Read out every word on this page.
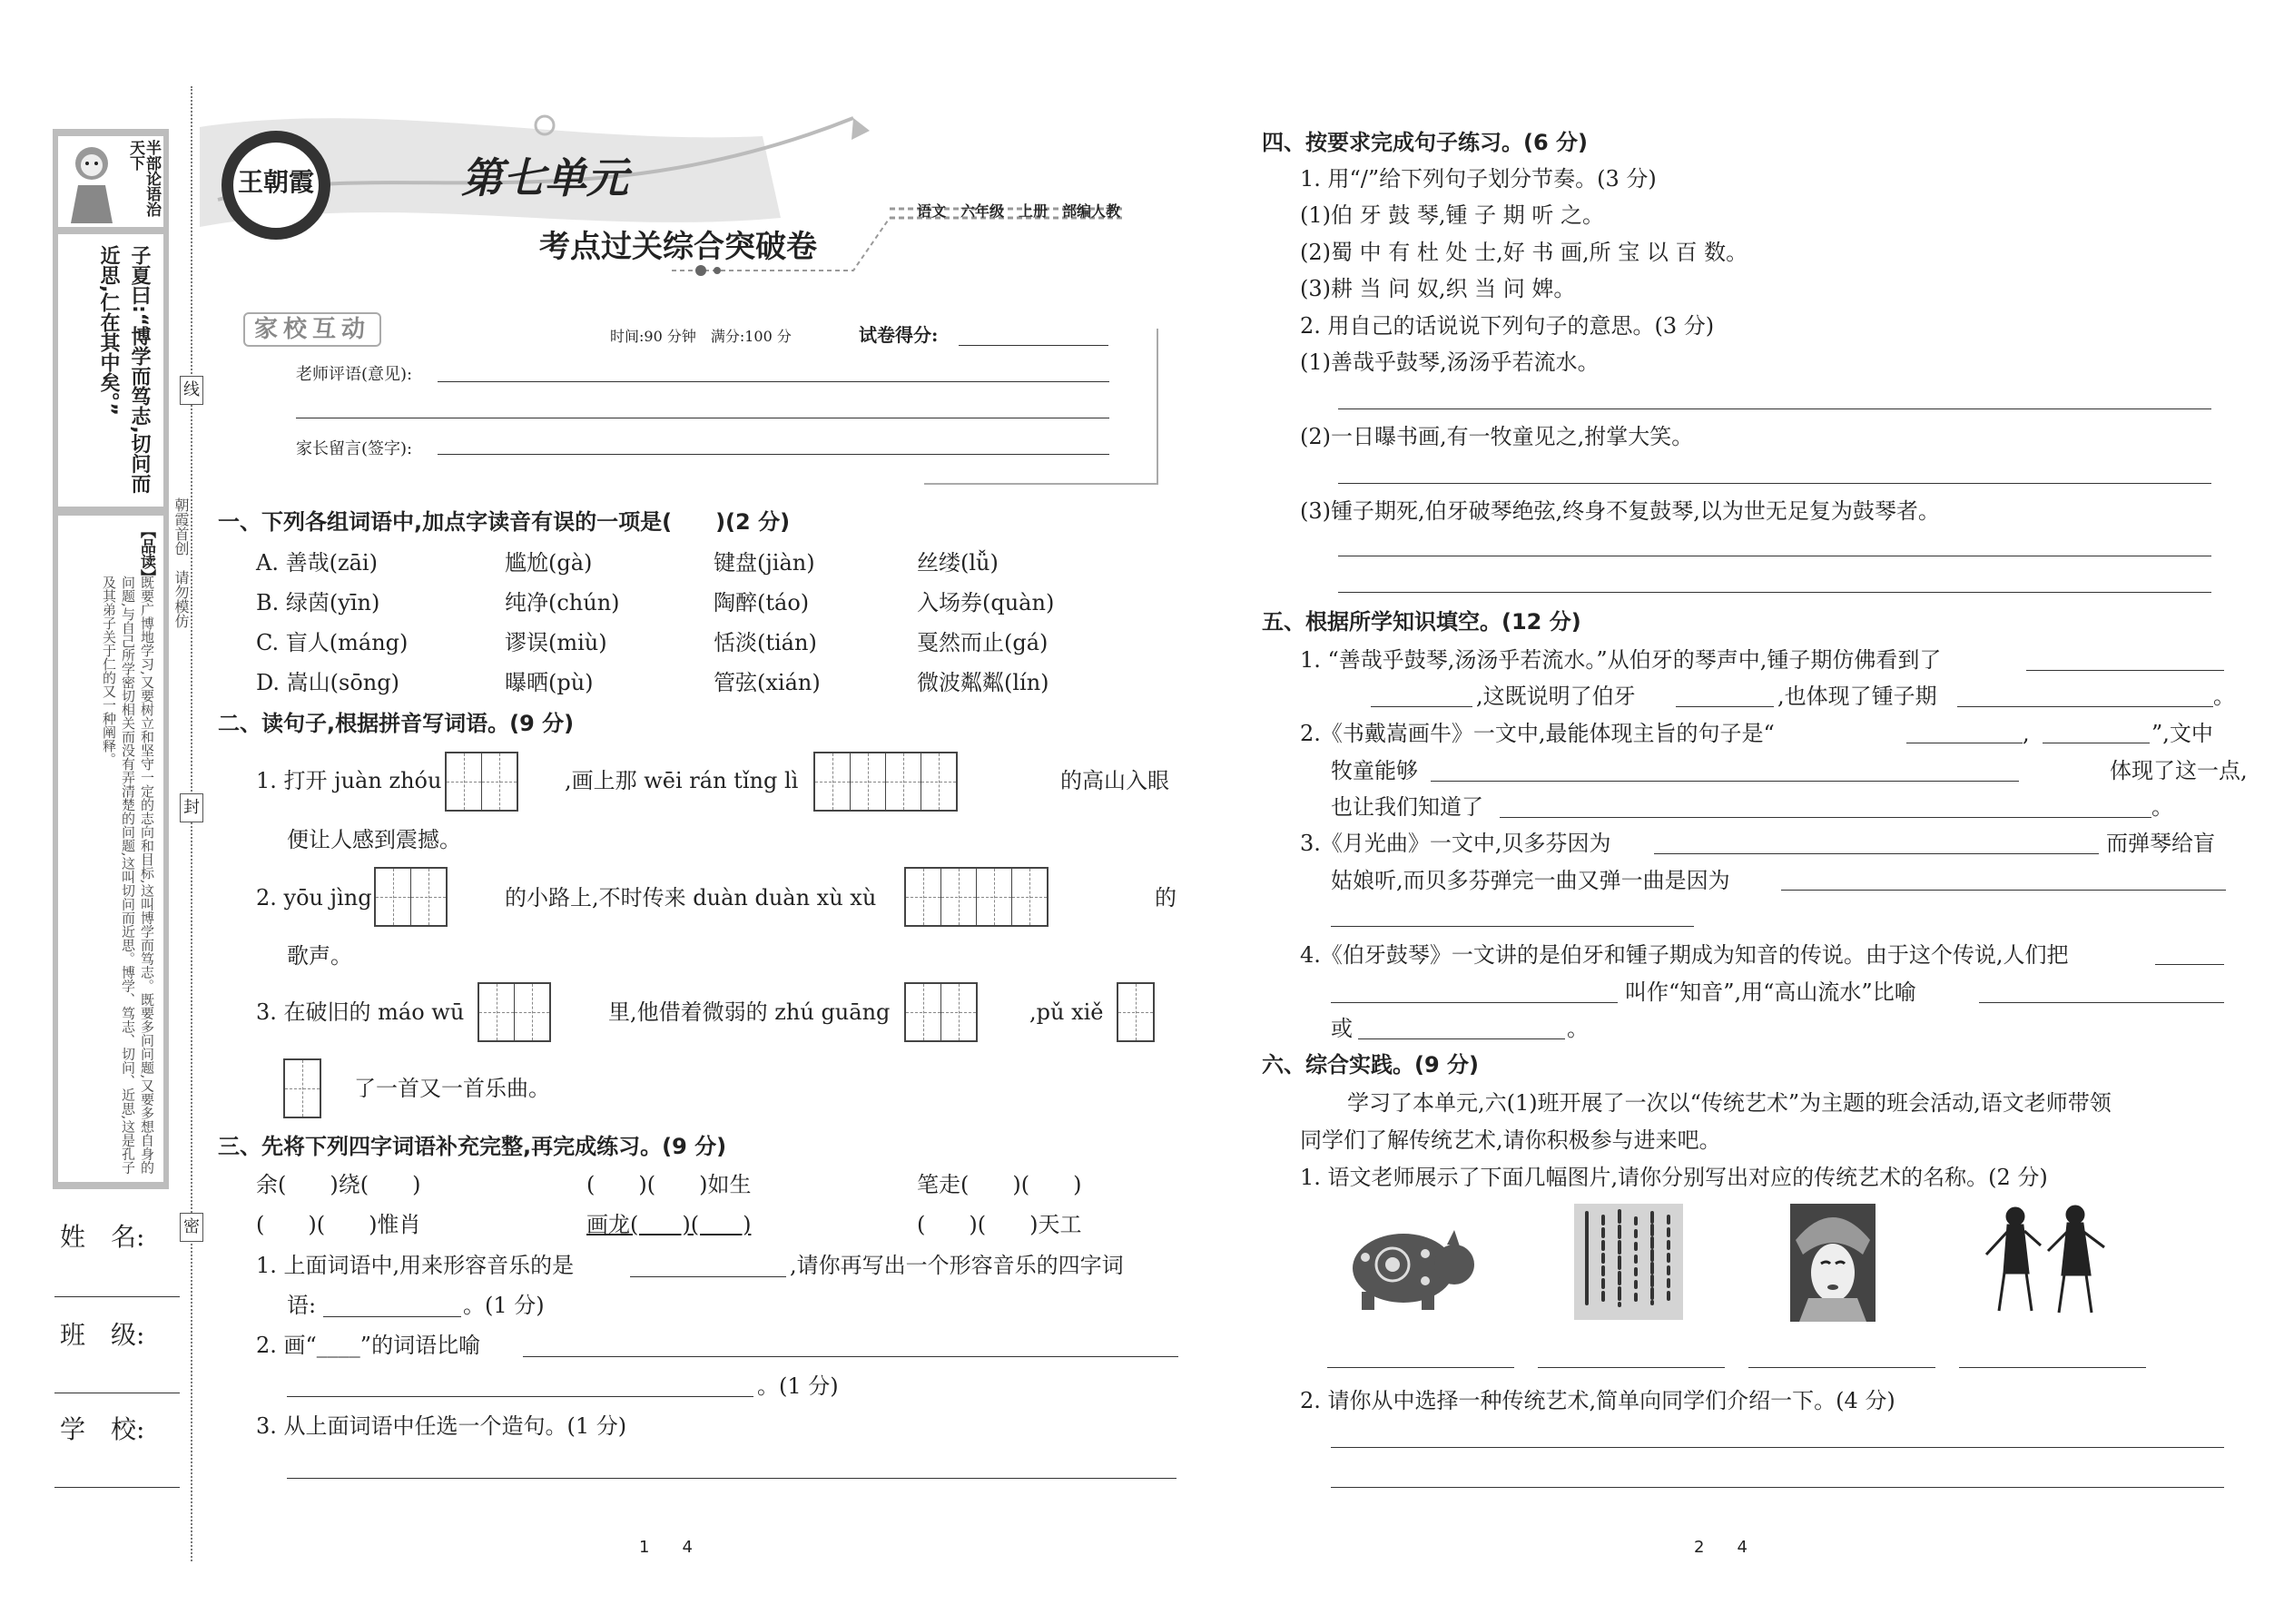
半部论语治天下
子夏曰:“博学而笃志,切问而近思,仁在其中矣。”
【品读】
既要广博地学习,又要树立和坚守一定的志向和目标,这叫博学而笃志。既要多问问题,又要多想自身的问题,与自己所学密切相关而没有弄清楚的问题,这叫切问而近思。博学、笃志、切问、近思,这是孔子及其弟子关于仁的又一种阐释。
姓　名:
班　级:
学　校:
线
封
密
朝霞首创　请勿模仿
王朝霞	第七单元
考点过关综合突破卷
语文　六年级　上册　部编人教
家校互动	时间:90 分钟　满分:100 分	试卷得分:
老师评语(意见):
家长留言(签字):
一、下列各组词语中,加点字读音有误的一项是(　　)(2 分)
A. 善哉(zāi)	尴尬(gà)	键盘(jiàn)	丝缕(lǚ)
B. 绿茵(yīn)	纯净(chún)	陶醉(táo)	入场券(quàn)
C. 盲人(máng)	谬误(miù)	恬淡(tián)	戛然而止(gá)
D. 嵩山(sōng)	曝晒(pù)	管弦(xián)	微波粼粼(lín)
二、读句子,根据拼音写词语。(9 分)
1. 打开 juàn zhóu	,画上那 wēi rán tǐng lì	的高山入眼
便让人感到震撼。
2. yōu jìng	的小路上,不时传来 duàn duàn xù xù	的
歌声。
3. 在破旧的 máo wū	里,他借着微弱的 zhú guāng	,pǔ xiě
了一首又一首乐曲。
三、先将下列四字词语补充完整,再完成练习。(9 分)
余(　　)绕(　　)	(　　)(　　)如生	笔走(　　)(　　)
(　　)(　　)惟肖	画龙(　　)(　　)	(　　)(　　)天工
1. 上面词语中,用来形容音乐的是	,请你再写出一个形容音乐的四字词
语:	。(1 分)
2. 画“____”的词语比喻
。(1 分)
3. 从上面词语中任选一个造句。(1 分)
1　　4
四、按要求完成句子练习。(6 分)
1. 用“/”给下列句子划分节奏。(3 分)
(1)伯 牙 鼓 琴,锺 子 期 听 之。
(2)蜀 中 有 杜 处 士,好 书 画,所 宝 以 百 数。
(3)耕 当 问 奴,织 当 问 婢。
2. 用自己的话说说下列句子的意思。(3 分)
(1)善哉乎鼓琴,汤汤乎若流水。
(2)一日曝书画,有一牧童见之,拊掌大笑。
(3)锺子期死,伯牙破琴绝弦,终身不复鼓琴,以为世无足复为鼓琴者。
五、根据所学知识填空。(12 分)
1. “善哉乎鼓琴,汤汤乎若流水。”从伯牙的琴声中,锺子期仿佛看到了
,这既说明了伯牙	,也体现了锺子期	。
2.《书戴嵩画牛》一文中,最能体现主旨的句子是“	,	”,文中
牧童能够	体现了这一点,
也让我们知道了	。
3.《月光曲》一文中,贝多芬因为	而弹琴给盲
姑娘听,而贝多芬弹完一曲又弹一曲是因为
4.《伯牙鼓琴》一文讲的是伯牙和锺子期成为知音的传说。由于这个传说,人们把
叫作“知音”,用“高山流水”比喻
或	。
六、综合实践。(9 分)
学习了本单元,六(1)班开展了一次以“传统艺术”为主题的班会活动,语文老师带领
同学们了解传统艺术,请你积极参与进来吧。
1. 语文老师展示了下面几幅图片,请你分别写出对应的传统艺术的名称。(2 分)
2. 请你从中选择一种传统艺术,简单向同学们介绍一下。(4 分)
2　　4
